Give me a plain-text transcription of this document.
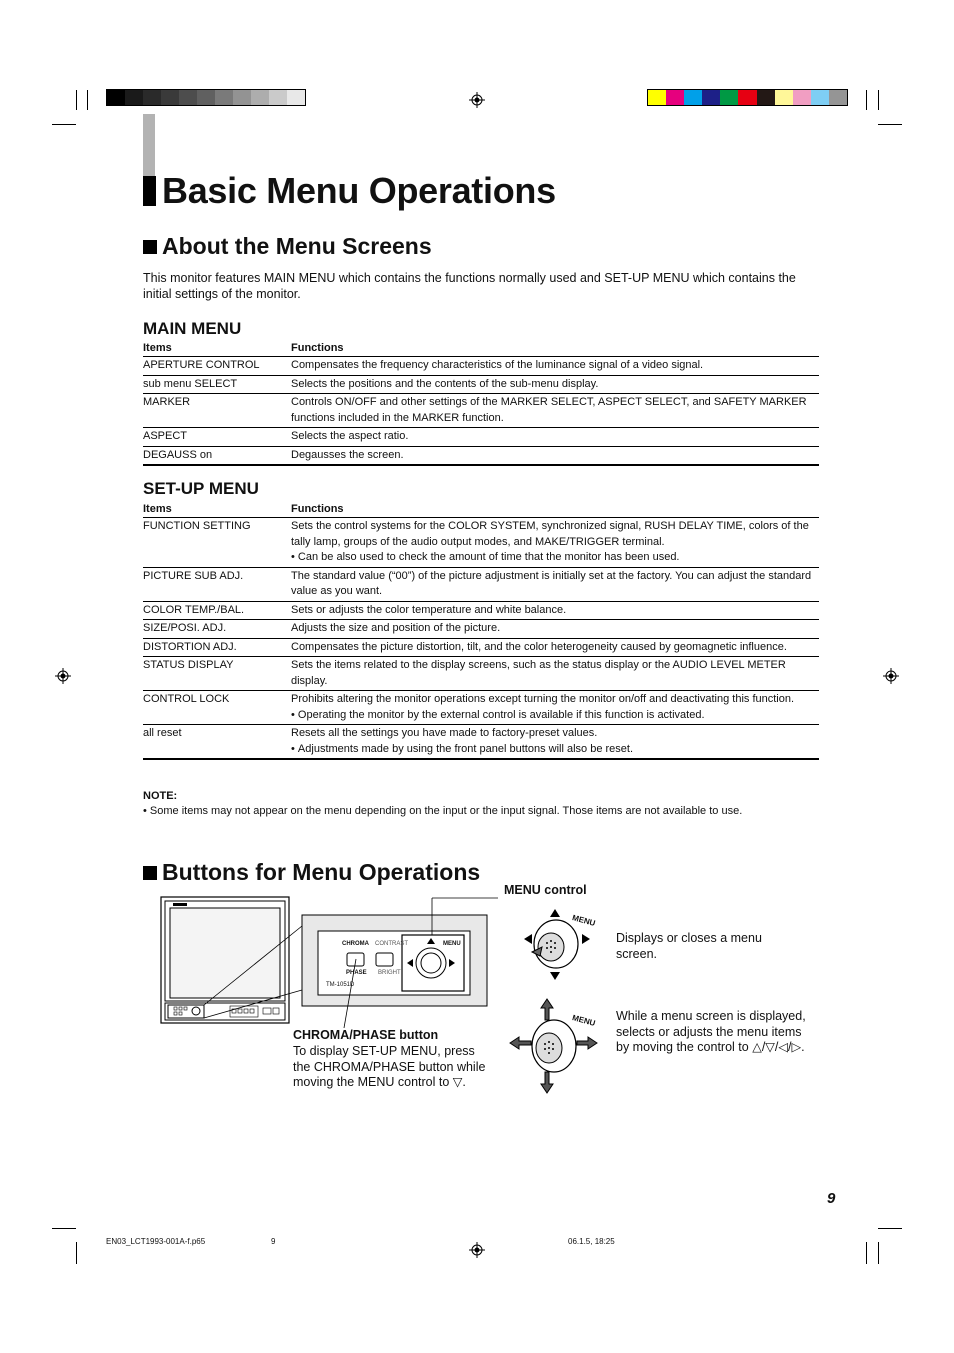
Basic Menu Operations
About the Menu Screens
This monitor features MAIN MENU which contains the functions normally used and SET-UP MENU which contains the initial settings of the monitor.
MAIN MENU
Items	Functions
APERTURE CONTROL	Compensates the frequency characteristics of the luminance signal of a video signal.

sub menu SELECT	Selects the positions and the contents of the sub-menu display.

MARKER	Controls ON/OFF and other settings of the MARKER SELECT, ASPECT SELECT, and SAFETY MARKER functions included in the MARKER function.

ASPECT	Selects the aspect ratio.

DEGAUSS on	Degausses the screen.
SET-UP MENU
Items	Functions
FUNCTION SETTING	Sets the control systems for the COLOR SYSTEM, synchronized signal, RUSH DELAY TIME, colors of the tally lamp, groups of the audio output modes, and MAKE/TRIGGER terminal.
• Can be also used to check the amount of time that the monitor has been used.

PICTURE SUB ADJ.	The standard value (“00”) of the picture adjustment is initially set at the factory. You can adjust the standard value as you want.

COLOR TEMP./BAL.	Sets or adjusts the color temperature and white balance.

SIZE/POSI. ADJ.	Adjusts the size and position of the picture.

DISTORTION ADJ.	Compensates the picture distortion, tilt, and the color heterogeneity caused by geomagnetic influence.

STATUS DISPLAY	Sets the items related to the display screens, such as the status display or the AUDIO LEVEL METER display.

CONTROL LOCK	Prohibits altering the monitor operations except turning the monitor on/off and deactivating this function.
• Operating the monitor by the external control is available if this function is activated.

all reset	Resets all the settings you have made to factory-preset values.
• Adjustments made by using the front panel buttons will also be reset.
NOTE:
• Some items may not appear on the menu depending on the input or the input signal. Those items are not available to use.
Buttons for Menu Operations
CHROMA CONTRAST	MENU
PHASE BRIGHT
TM-1051D
MENU control
CHROMA/PHASE button
To display SET-UP MENU, press the CHROMA/PHASE button while moving the MENU control to ▽.
MENU
MENU
Displays or closes a menu screen.
While a menu screen is displayed, selects or adjusts the menu items by moving the control to △/▽/◁/▷.
9
EN03_LCT1993-001A-f.p65	9	06.1.5, 18:25
